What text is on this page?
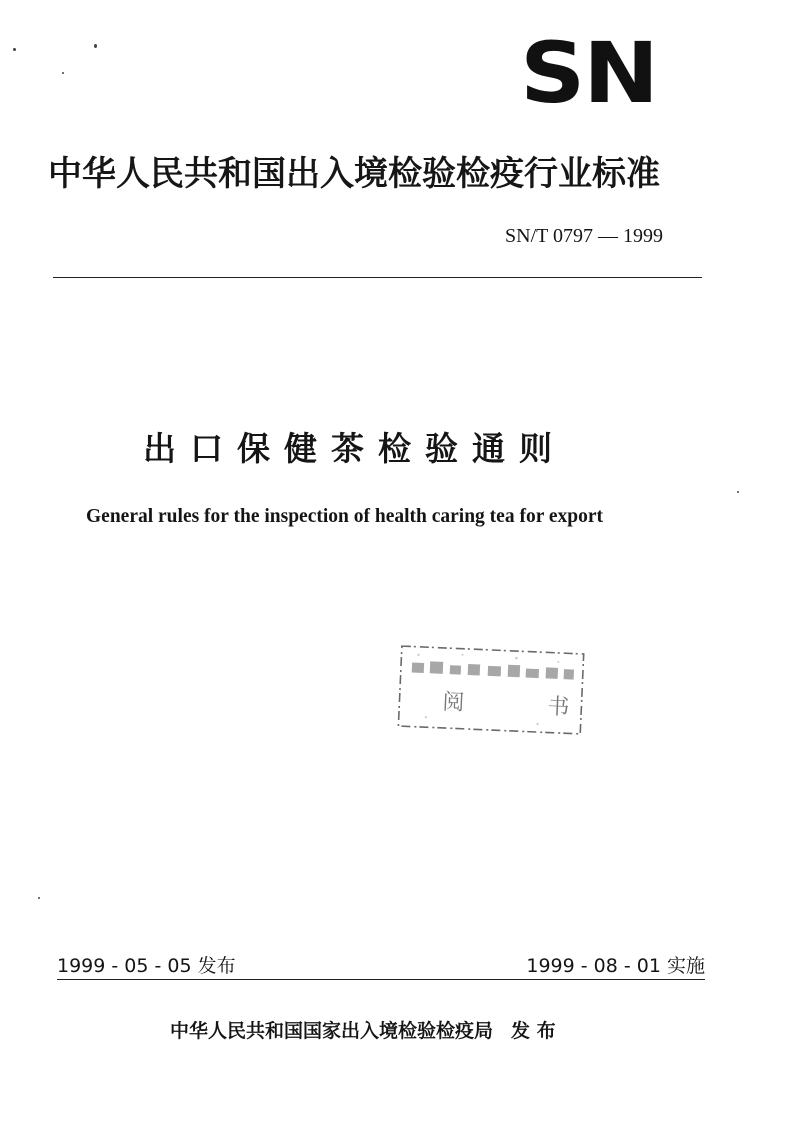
SN
中华人民共和国出入境检验检疫行业标准
SN/T 0797 — 1999
出口保健茶检验通则
General rules for the inspection of health caring tea for export
阅 书
1999 - 05 - 05 发布	1999 - 08 - 01 实施
中华人民共和国国家出入境检验检疫局 发 布
